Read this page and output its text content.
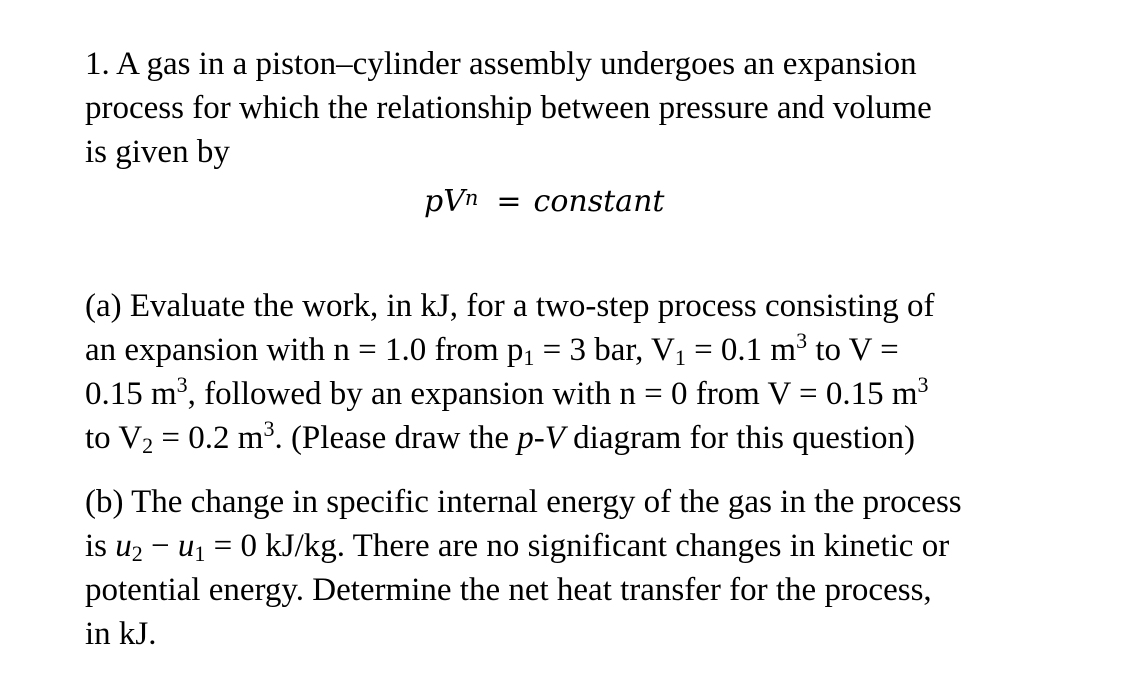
1. A gas in a piston–cylinder assembly undergoes an expansion
process for which the relationship between pressure and volume
is given by
$pV^n$ = constant
(a) Evaluate the work, in kJ, for a two-step process consisting of
an expansion with n = 1.0 from $p_1 = 3$ bar, $V_1 = 0.1$ $m^3$ to V =
0.15 $m^3$, followed by an expansion with n = 0 from V = 0.15 $m^3$
to $V_2 = 0.2$ $m^3$. (Please draw the p-V diagram for this question)
(b) The change in specific internal energy of the gas in the process
is $u_2 - u_1 = 0$ kJ/kg. There are no significant changes in kinetic or
potential energy. Determine the net heat transfer for the process,
in kJ.
